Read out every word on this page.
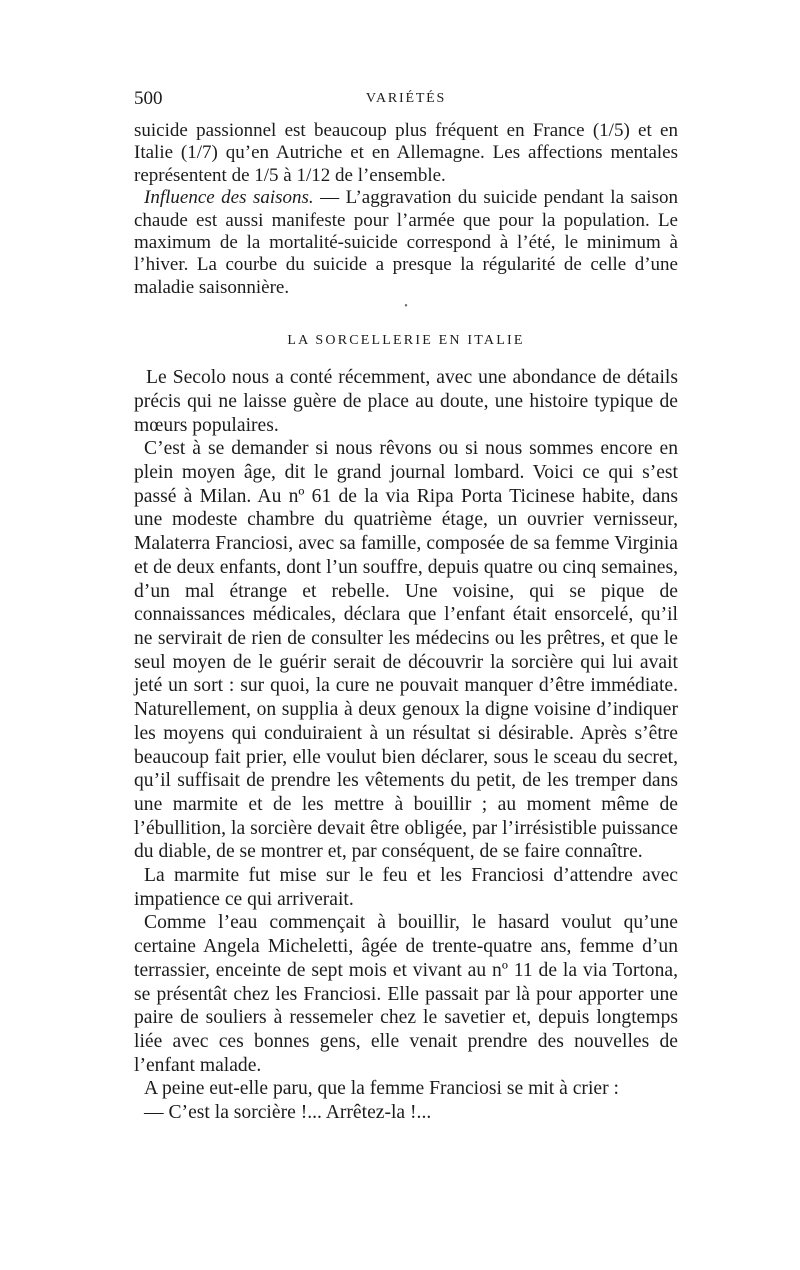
500	VARIÉTÉS

suicide passionnel est beaucoup plus fréquent en France (1/5) et en Italie (1/7) qu’en Autriche et en Allemagne. Les affections mentales représentent de 1/5 à 1/12 de l’ensemble.

Influence des saisons. — L’aggravation du suicide pendant la saison chaude est aussi manifeste pour l’armée que pour la population. Le maximum de la mortalité-suicide correspond à l’été, le minimum à l’hiver. La courbe du suicide a presque la régularité de celle d’une maladie saisonnière.

•
LA SORCELLERIE EN ITALIE

Le Secolo nous a conté récemment, avec une abondance de détails précis qui ne laisse guère de place au doute, une histoire typique de mœurs populaires.

C’est à se demander si nous rêvons ou si nous sommes encore en plein moyen âge, dit le grand journal lombard. Voici ce qui s’est passé à Milan. Au nº 61 de la via Ripa Porta Ticinese habite, dans une modeste chambre du quatrième étage, un ouvrier vernisseur, Malaterra Franciosi, avec sa famille, composée de sa femme Virginia et de deux enfants, dont l’un souffre, depuis quatre ou cinq semaines, d’un mal étrange et rebelle. Une voisine, qui se pique de connaissances médicales, déclara que l’enfant était ensorcelé, qu’il ne servirait de rien de consulter les médecins ou les prêtres, et que le seul moyen de le guérir serait de découvrir la sorcière qui lui avait jeté un sort : sur quoi, la cure ne pouvait manquer d’être immédiate. Naturellement, on supplia à deux genoux la digne voisine d’indiquer les moyens qui conduiraient à un résultat si désirable. Après s’être beaucoup fait prier, elle voulut bien déclarer, sous le sceau du secret, qu’il suffisait de prendre les vêtements du petit, de les tremper dans une marmite et de les mettre à bouillir ; au moment même de l’ébullition, la sorcière devait être obligée, par l’irrésistible puissance du diable, de se montrer et, par conséquent, de se faire connaître.

La marmite fut mise sur le feu et les Franciosi d’attendre avec impatience ce qui arriverait.

Comme l’eau commençait à bouillir, le hasard voulut qu’une certaine Angela Micheletti, âgée de trente-quatre ans, femme d’un terrassier, enceinte de sept mois et vivant au nº 11 de la via Tortona, se présentât chez les Franciosi. Elle passait par là pour apporter une paire de souliers à ressemeler chez le savetier et, depuis longtemps liée avec ces bonnes gens, elle venait prendre des nouvelles de l’enfant malade.

A peine eut-elle paru, que la femme Franciosi se mit à crier :

— C’est la sorcière !... Arrêtez-la !...
